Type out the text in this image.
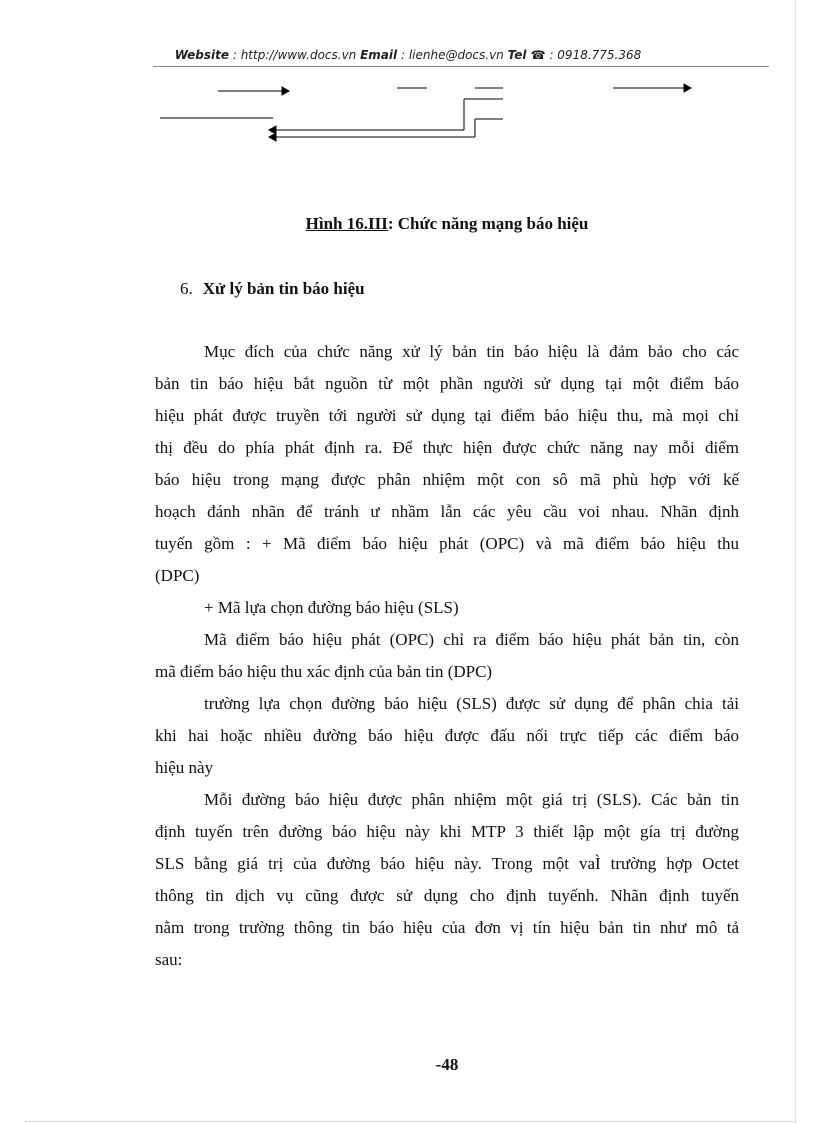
Website : http://www.docs.vn Email : lienhe@docs.vn Tel ☎ : 0918.775.368
Hình 16.III: Chức năng mạng báo hiệu
6. Xử lý bản tin báo hiệu
Mục đích của chức năng xử lý bản tin báo hiệu là đảm bảo cho các
bản tin báo hiệu bắt nguồn từ một phần người sử dụng tại một điểm báo
hiệu phát được truyền tới người sử dụng tại điểm báo hiệu thu, mà mọi chỉ
thị đều do phía phát định ra. Để thực hiện được chức năng nay mỗi điểm
báo hiệu trong mạng được phân nhiệm một con sô mã phù hợp với kế
hoạch đánh nhãn để tránh ư nhầm lẫn các yêu cầu voi nhau. Nhãn định
tuyến gồm : + Mã điểm báo hiệu phát (OPC) và mã điểm báo hiệu thu
(DPC)
+ Mã lựa chọn đường báo hiệu (SLS)
Mã điểm báo hiệu phát (OPC) chỉ ra điểm báo hiệu phát bản tin, còn
mã điểm báo hiệu thu xác định của bản tin (DPC)
trường lựa chọn đường báo hiệu (SLS) được sử dụng để phân chia tải
khi hai hoặc nhiều đường báo hiệu được đấu nối trực tiếp các điểm báo
hiệu này
Mỗi đường báo hiệu được phân nhiệm một giá trị (SLS). Các bản tin
định tuyến trên đường báo hiệu này khi MTP 3 thiết lập một gía trị đường
SLS bằng giá trị của đường báo hiệu này. Trong một vaÌ trường hợp Octet
thông tin dịch vụ cũng được sử dụng cho định tuyếnh. Nhãn định tuyến
nằm trong trường thông tin báo hiệu của đơn vị tín hiệu bản tin như mô tả
sau:
-48
